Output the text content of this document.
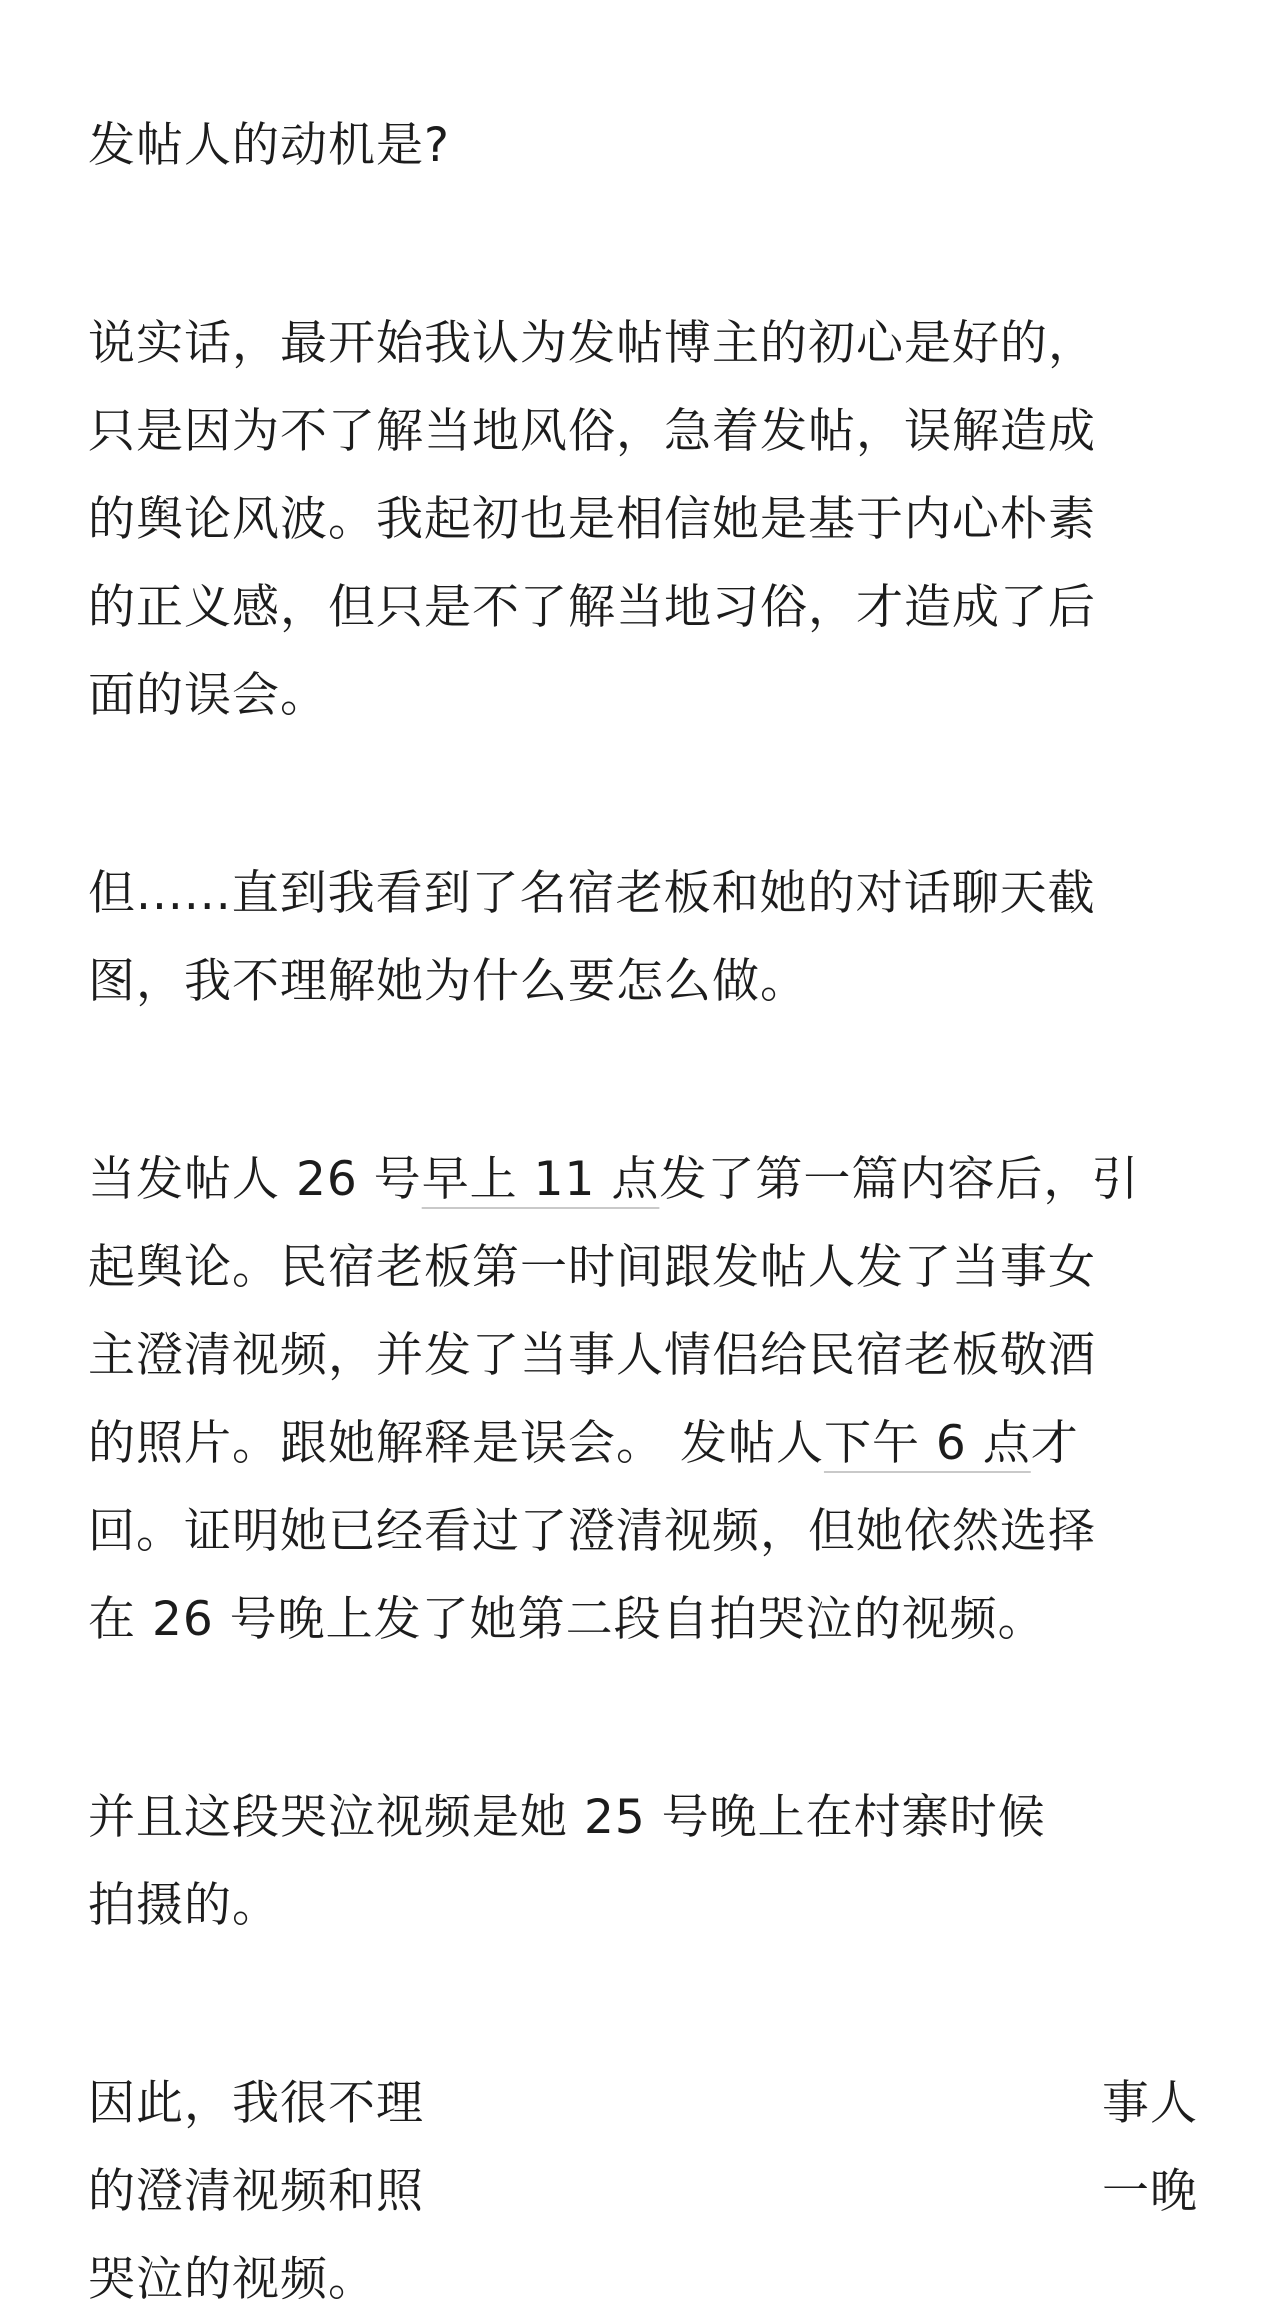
发帖人的动机是?
说实话，最开始我认为发帖博主的初心是好的，
只是因为不了解当地风俗，急着发帖，误解造成
的舆论风波。我起初也是相信她是基于内心朴素
的正义感，但只是不了解当地习俗，才造成了后
面的误会。
但......直到我看到了名宿老板和她的对话聊天截
图，我不理解她为什么要怎么做。
当发帖人 26 号早上 11 点发了第一篇内容后，引
起舆论。民宿老板第一时间跟发帖人发了当事女
主澄清视频，并发了当事人情侣给民宿老板敬酒
的照片。跟她解释是误会。 发帖人下午 6 点才
回。证明她已经看过了澄清视频，但她依然选择
在 26 号晚上发了她第二段自拍哭泣的视频。
并且这段哭泣视频是她 25 号晚上在村寨时候
拍摄的。
因此，我很不理	事人
的澄清视频和照	一晚
哭泣的视频。
